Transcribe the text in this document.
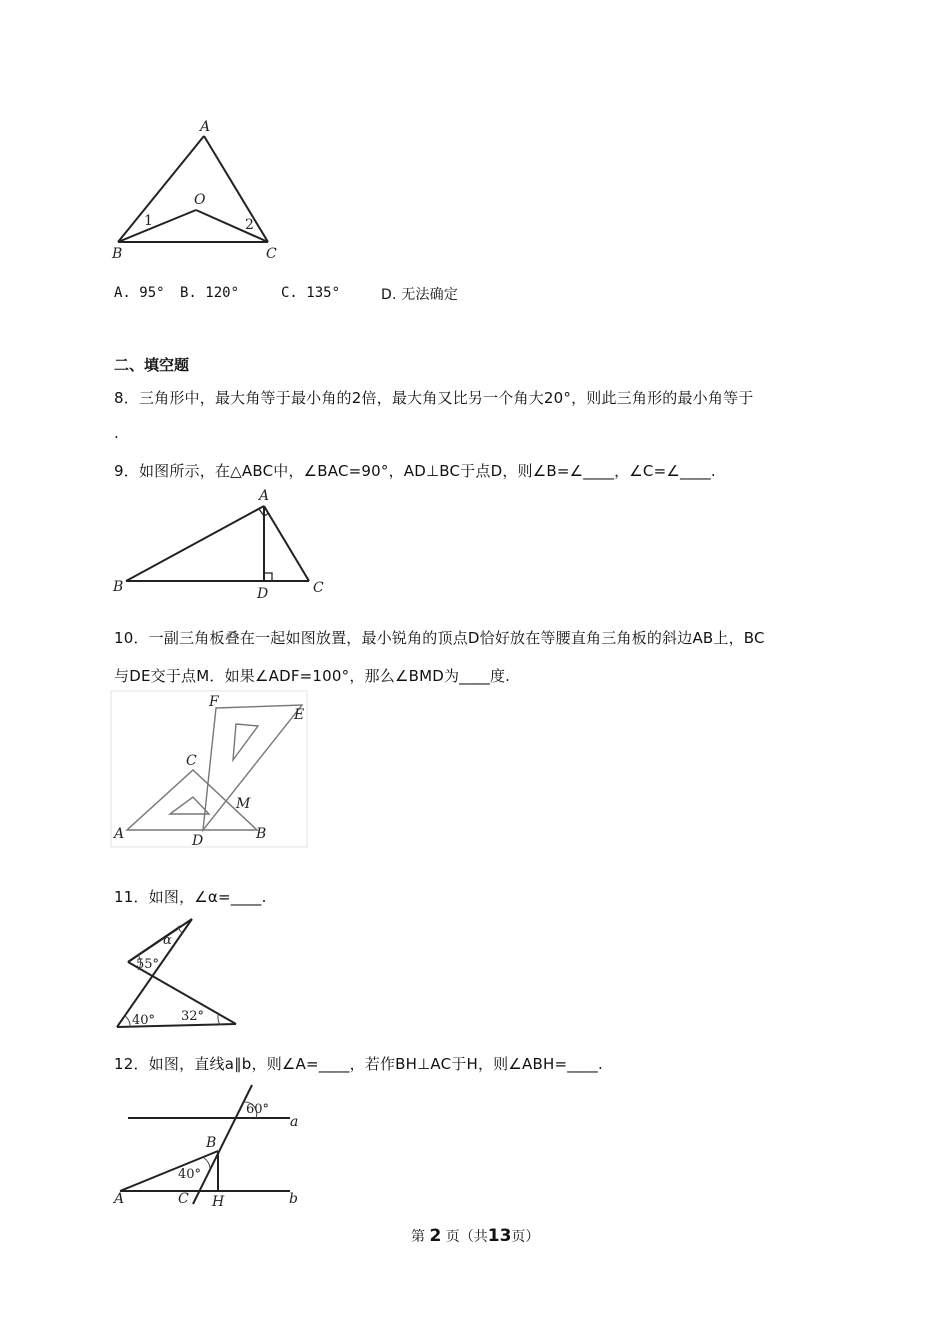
A
O
1	2
B	C
A. 95° B. 120°	C. 135°	D. 无法确定
二、填空题
8．三角形中，最大角等于最小角的2倍，最大角又比另一个角大20°，则此三角形的最小角等于
.
9．如图所示，在△ABC中，∠BAC=90°，AD⊥BC于点D，则∠B=∠____，∠C=∠____.
A
B	D	C
10．一副三角板叠在一起如图放置，最小锐角的顶点D恰好放在等腰直角三角板的斜边AB上，BC
与DE交于点M．如果∠ADF=100°，那么∠BMD为____度.
F
E
C
M
A	D	B
11．如图，∠α=____.
α
55°
40° 32°
12．如图，直线a∥b，则∠A=____，若作BH⊥AC于H，则∠ABH=____.
60°
a
B
40°
A	C H	b
第 2 页（共13页）
